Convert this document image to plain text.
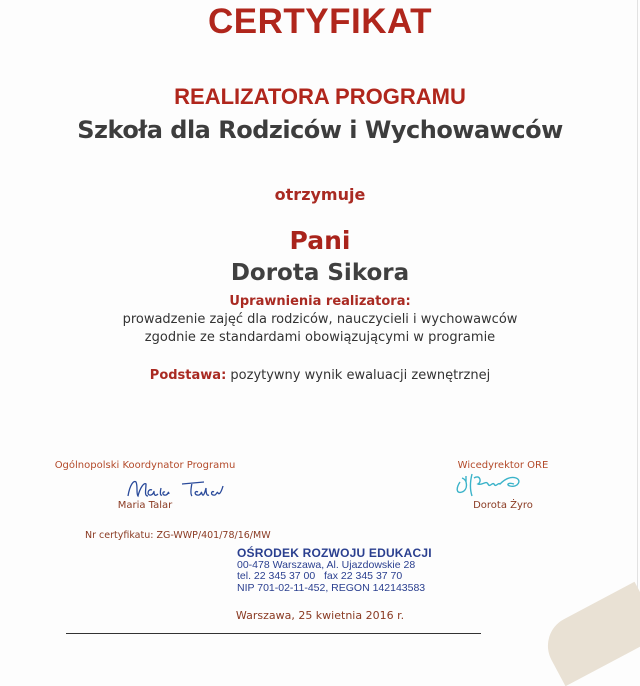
CERTYFIKAT
REALIZATORA PROGRAMU
Szkoła dla Rodziców i Wychowawców
otrzymuje
Pani
Dorota Sikora
Uprawnienia realizatora:
prowadzenie zajęć dla rodziców, nauczycieli i wychowawców
zgodnie ze standardami obowiązującymi w programie
Podstawa: pozytywny wynik ewaluacji zewnętrznej
Ogólnopolski Koordynator Programu
Maria Talar
Wicedyrektor ORE
Dorota Żyro
Nr certyfikatu: ZG-WWP/401/78/16/MW
OŚRODEK ROZWOJU EDUKACJI
00-478 Warszawa, Al. Ujazdowskie 28
tel. 22 345 37 00   fax 22 345 37 70
NIP 701-02-11-452, REGON 142143583
Warszawa, 25 kwietnia 2016 r.
